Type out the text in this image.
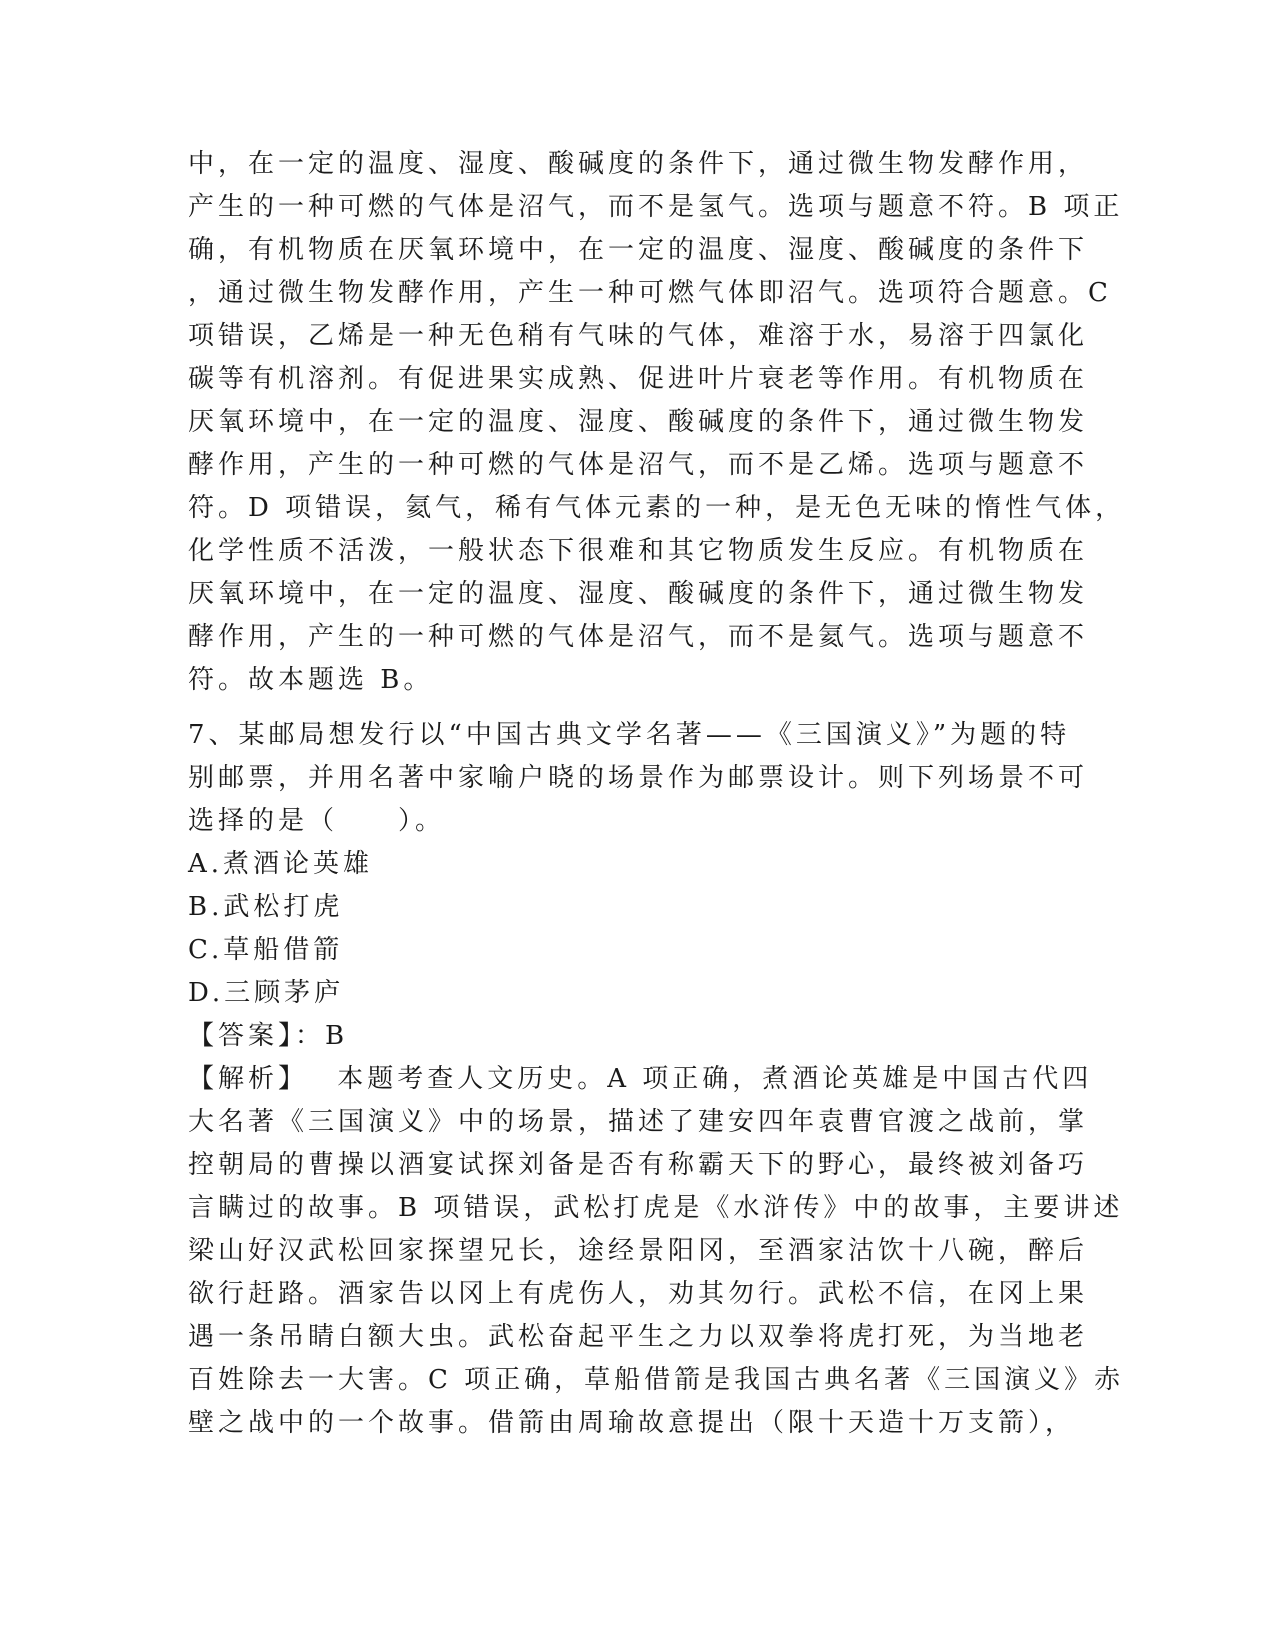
中，在一定的温度、湿度、酸碱度的条件下，通过微生物发酵作用，
产生的一种可燃的气体是沼气，而不是氢气。选项与题意不符。B 项正
确，有机物质在厌氧环境中，在一定的温度、湿度、酸碱度的条件下
，通过微生物发酵作用，产生一种可燃气体即沼气。选项符合题意。C
项错误，乙烯是一种无色稍有气味的气体，难溶于水，易溶于四氯化
碳等有机溶剂。有促进果实成熟、促进叶片衰老等作用。有机物质在
厌氧环境中，在一定的温度、湿度、酸碱度的条件下，通过微生物发
酵作用，产生的一种可燃的气体是沼气，而不是乙烯。选项与题意不
符。D 项错误，氦气，稀有气体元素的一种，是无色无味的惰性气体，
化学性质不活泼，一般状态下很难和其它物质发生反应。有机物质在
厌氧环境中，在一定的温度、湿度、酸碱度的条件下，通过微生物发
酵作用，产生的一种可燃的气体是沼气，而不是氦气。选项与题意不
符。故本题选 B。
7、某邮局想发行以“中国古典文学名著——《三国演义》”为题的特
别邮票，并用名著中家喻户晓的场景作为邮票设计。则下列场景不可
选择的是（　　）。
A.煮酒论英雄
B.武松打虎
C.草船借箭
D.三顾茅庐
【答案】：B
【解析】　 本题考查人文历史。A 项正确，煮酒论英雄是中国古代四
大名著《三国演义》中的场景，描述了建安四年袁曹官渡之战前，掌
控朝局的曹操以酒宴试探刘备是否有称霸天下的野心，最终被刘备巧
言瞒过的故事。B 项错误，武松打虎是《水浒传》中的故事，主要讲述
梁山好汉武松回家探望兄长，途经景阳冈，至酒家沽饮十八碗，醉后
欲行赶路。酒家告以冈上有虎伤人，劝其勿行。武松不信，在冈上果
遇一条吊睛白额大虫。武松奋起平生之力以双拳将虎打死，为当地老
百姓除去一大害。C 项正确，草船借箭是我国古典名著《三国演义》赤
壁之战中的一个故事。借箭由周瑜故意提出（限十天造十万支箭），
